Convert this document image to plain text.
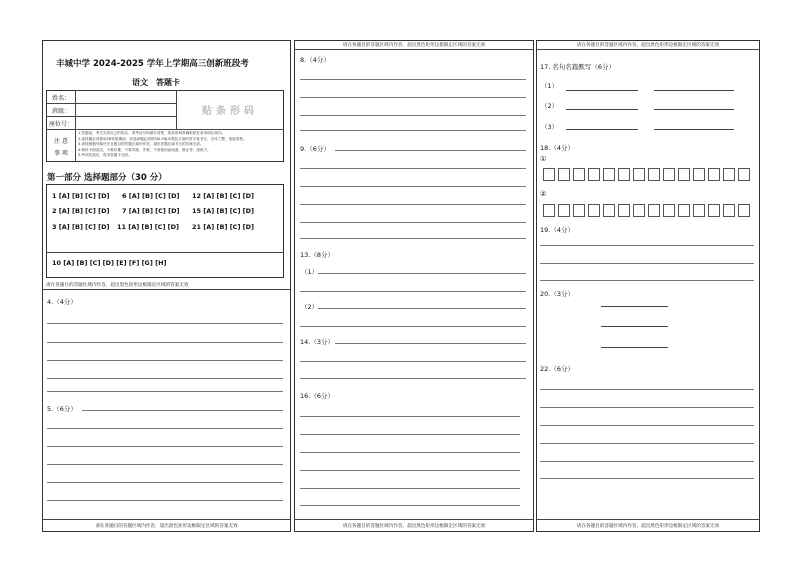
丰城中学 2024-2025 学年上学期高三创新班段考
语文　答题卡
姓名：
班级：
座位号：
贴条形码
注 意
事 项
1.答题前，考生先将自己的姓名、准考证号码填写清楚，将条形码准确粘贴在条形码区域内。
2.选择题必须使用2B铅笔填涂；非选择题必须使用0.5毫米黑色字迹的签字笔书写，字体工整、笔迹清楚。
3.请按照题号顺序在各题目的答题区域内作答，超出答题区域书写的答案无效。
4.保持卡面清洁，不要折叠、不要弄破、弄皱，不准使用涂改液、修正带、刮纸刀。
5.考试结束后，将本答题卡交回。
第一部分 选择题部分（30 分）
1 [A] [B] [C] [D] 6 [A] [B] [C] [D] 12 [A] [B] [C] [D]
2 [A] [B] [C] [D] 7 [A] [B] [C] [D] 15 [A] [B] [C] [D]
3 [A] [B] [C] [D] 11 [A] [B] [C] [D] 21 [A] [B] [C] [D]
10 [A] [B] [C] [D] [E] [F] [G] [H]
请在各题目的答题区域内作答，超出黑色矩形边框限定区域的答案无效
4.（4分）
5.（6分）
请在各题目的答题区域内作答，超出黑色矩形边框限定区域的答案无效
请在各题目的答题区域内作答，超出黑色矩形边框限定区域的答案无效
8.（4分）
9.（6分）
13.（8分）
（1）
（2）
14.（3分）
16.（6分）
请在各题目的答题区域内作答，超出黑色矩形边框限定区域的答案无效
请在各题目的答题区域内作答，超出黑色矩形边框限定区域的答案无效
17. 名句名篇默写（6分）
（1）
（2）
（3）
18.（4分）
①
②
19.（4分）
20.（3分）
22.（6分）
请在各题目的答题区域内作答，超出黑色矩形边框限定区域的答案无效
